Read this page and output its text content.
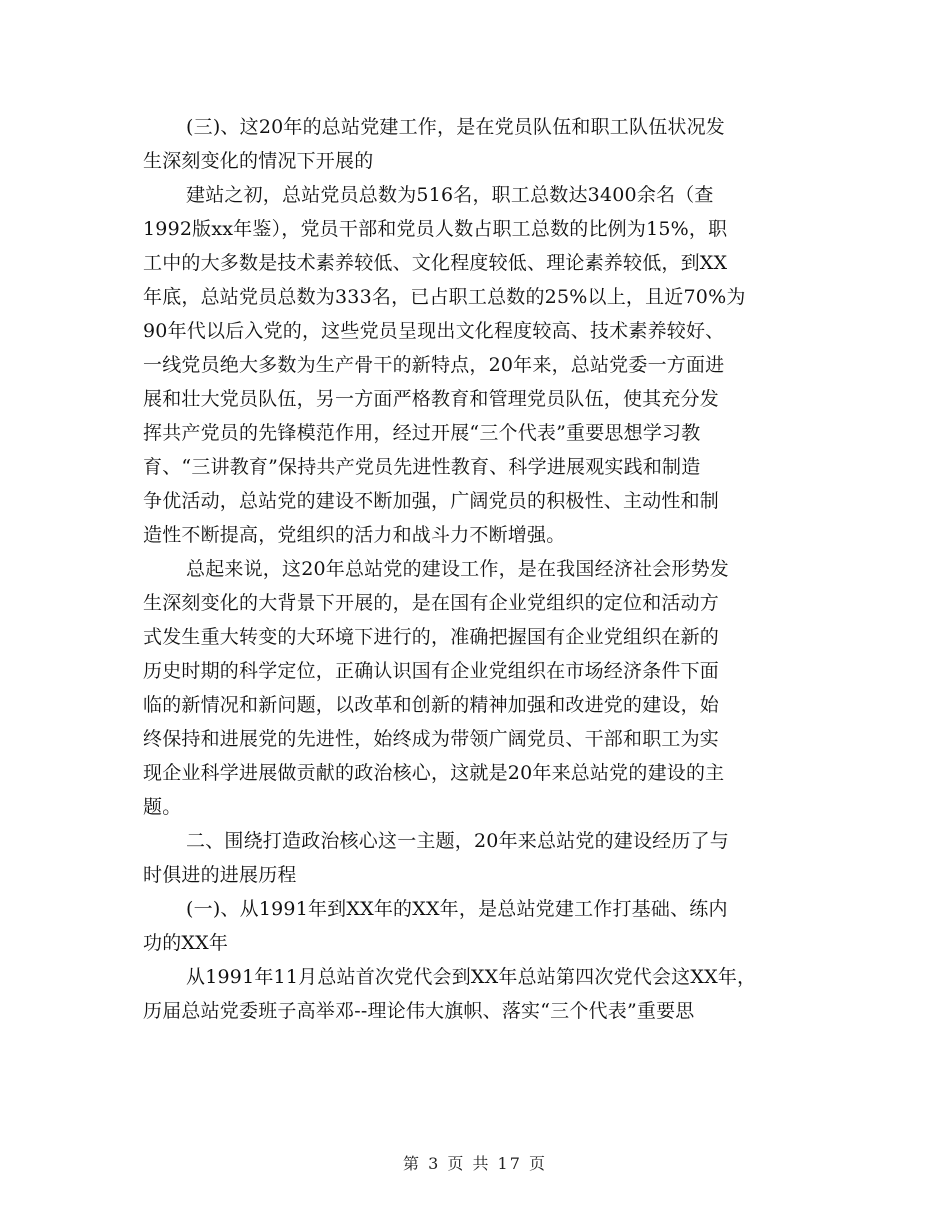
(三)、这20年的总站党建工作，是在党员队伍和职工队伍状况发
生深刻变化的情况下开展的
建站之初，总站党员总数为516名，职工总数达3400余名（查
1992版xx年鉴），党员干部和党员人数占职工总数的比例为15%，职
工中的大多数是技术素养较低、文化程度较低、理论素养较低，到XX
年底，总站党员总数为333名，已占职工总数的25%以上，且近70%为
90年代以后入党的，这些党员呈现出文化程度较高、技术素养较好、
一线党员绝大多数为生产骨干的新特点，20年来，总站党委一方面进
展和壮大党员队伍，另一方面严格教育和管理党员队伍，使其充分发
挥共产党员的先锋模范作用，经过开展“三个代表”重要思想学习教
育、“三讲教育”保持共产党员先进性教育、科学进展观实践和制造
争优活动，总站党的建设不断加强，广阔党员的积极性、主动性和制
造性不断提高，党组织的活力和战斗力不断增强。
总起来说，这20年总站党的建设工作，是在我国经济社会形势发
生深刻变化的大背景下开展的，是在国有企业党组织的定位和活动方
式发生重大转变的大环境下进行的，准确把握国有企业党组织在新的
历史时期的科学定位，正确认识国有企业党组织在市场经济条件下面
临的新情况和新问题，以改革和创新的精神加强和改进党的建设，始
终保持和进展党的先进性，始终成为带领广阔党员、干部和职工为实
现企业科学进展做贡献的政治核心，这就是20年来总站党的建设的主
题。
二、围绕打造政治核心这一主题，20年来总站党的建设经历了与
时俱进的进展历程
(一)、从1991年到XX年的XX年，是总站党建工作打基础、练内
功的XX年
从1991年11月总站首次党代会到XX年总站第四次党代会这XX年，
历届总站党委班子高举邓--理论伟大旗帜、落实“三个代表”重要思
第 3 页 共 17 页
